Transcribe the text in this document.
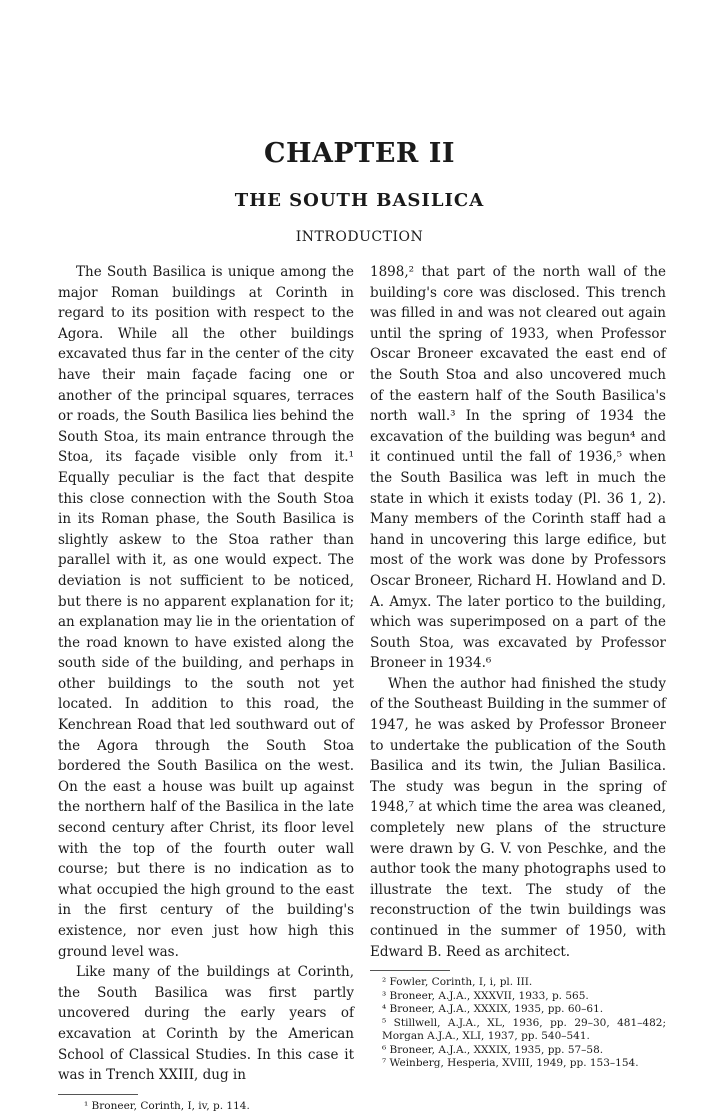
CHAPTER II
THE SOUTH BASILICA
INTRODUCTION

The South Basilica is unique among the major Roman buildings at Corinth in regard to its position with respect to the Agora. While all the other buildings excavated thus far in the center of the city have their main façade facing one or another of the principal squares, terraces or roads, the South Basilica lies behind the South Stoa, its main entrance through the Stoa, its façade visible only from it.¹ Equally peculiar is the fact that despite this close connection with the South Stoa in its Roman phase, the South Basilica is slightly askew to the Stoa rather than parallel with it, as one would expect. The deviation is not sufficient to be noticed, but there is no apparent explanation for it; an explanation may lie in the orientation of the road known to have existed along the south side of the building, and perhaps in other buildings to the south not yet located. In addition to this road, the Kenchrean Road that led southward out of the Agora through the South Stoa bordered the South Basilica on the west. On the east a house was built up against the northern half of the Basilica in the late second century after Christ, its floor level with the top of the fourth outer wall course; but there is no indication as to what occupied the high ground to the east in the first century of the building's existence, nor even just how high this ground level was.

Like many of the buildings at Corinth, the South Basilica was first partly uncovered during the early years of excavation at Corinth by the American School of Classical Studies. In this case it was in Trench XXIII, dug in

¹ Broneer, Corinth, I, iv, p. 114.

1898,² that part of the north wall of the building's core was disclosed. This trench was filled in and was not cleared out again until the spring of 1933, when Professor Oscar Broneer excavated the east end of the South Stoa and also uncovered much of the eastern half of the South Basilica's north wall.³ In the spring of 1934 the excavation of the building was begun⁴ and it continued until the fall of 1936,⁵ when the South Basilica was left in much the state in which it exists today (Pl. 36 1, 2). Many members of the Corinth staff had a hand in uncovering this large edifice, but most of the work was done by Professors Oscar Broneer, Richard H. Howland and D. A. Amyx. The later portico to the building, which was superimposed on a part of the South Stoa, was excavated by Professor Broneer in 1934.⁶

When the author had finished the study of the Southeast Building in the summer of 1947, he was asked by Professor Broneer to undertake the publication of the South Basilica and its twin, the Julian Basilica. The study was begun in the spring of 1948,⁷ at which time the area was cleaned, completely new plans of the structure were drawn by G. V. von Peschke, and the author took the many photographs used to illustrate the text. The study of the reconstruction of the twin buildings was continued in the summer of 1950, with Edward B. Reed as architect.

² Fowler, Corinth, I, i, pl. III.
³ Broneer, A.J.A., XXXVII, 1933, p. 565.
⁴ Broneer, A.J.A., XXXIX, 1935, pp. 60–61.
⁵ Stillwell, A.J.A., XL, 1936, pp. 29–30, 481–482; Morgan A.J.A., XLI, 1937, pp. 540–541.
⁶ Broneer, A.J.A., XXXIX, 1935, pp. 57–58.
⁷ Weinberg, Hesperia, XVIII, 1949, pp. 153–154.
